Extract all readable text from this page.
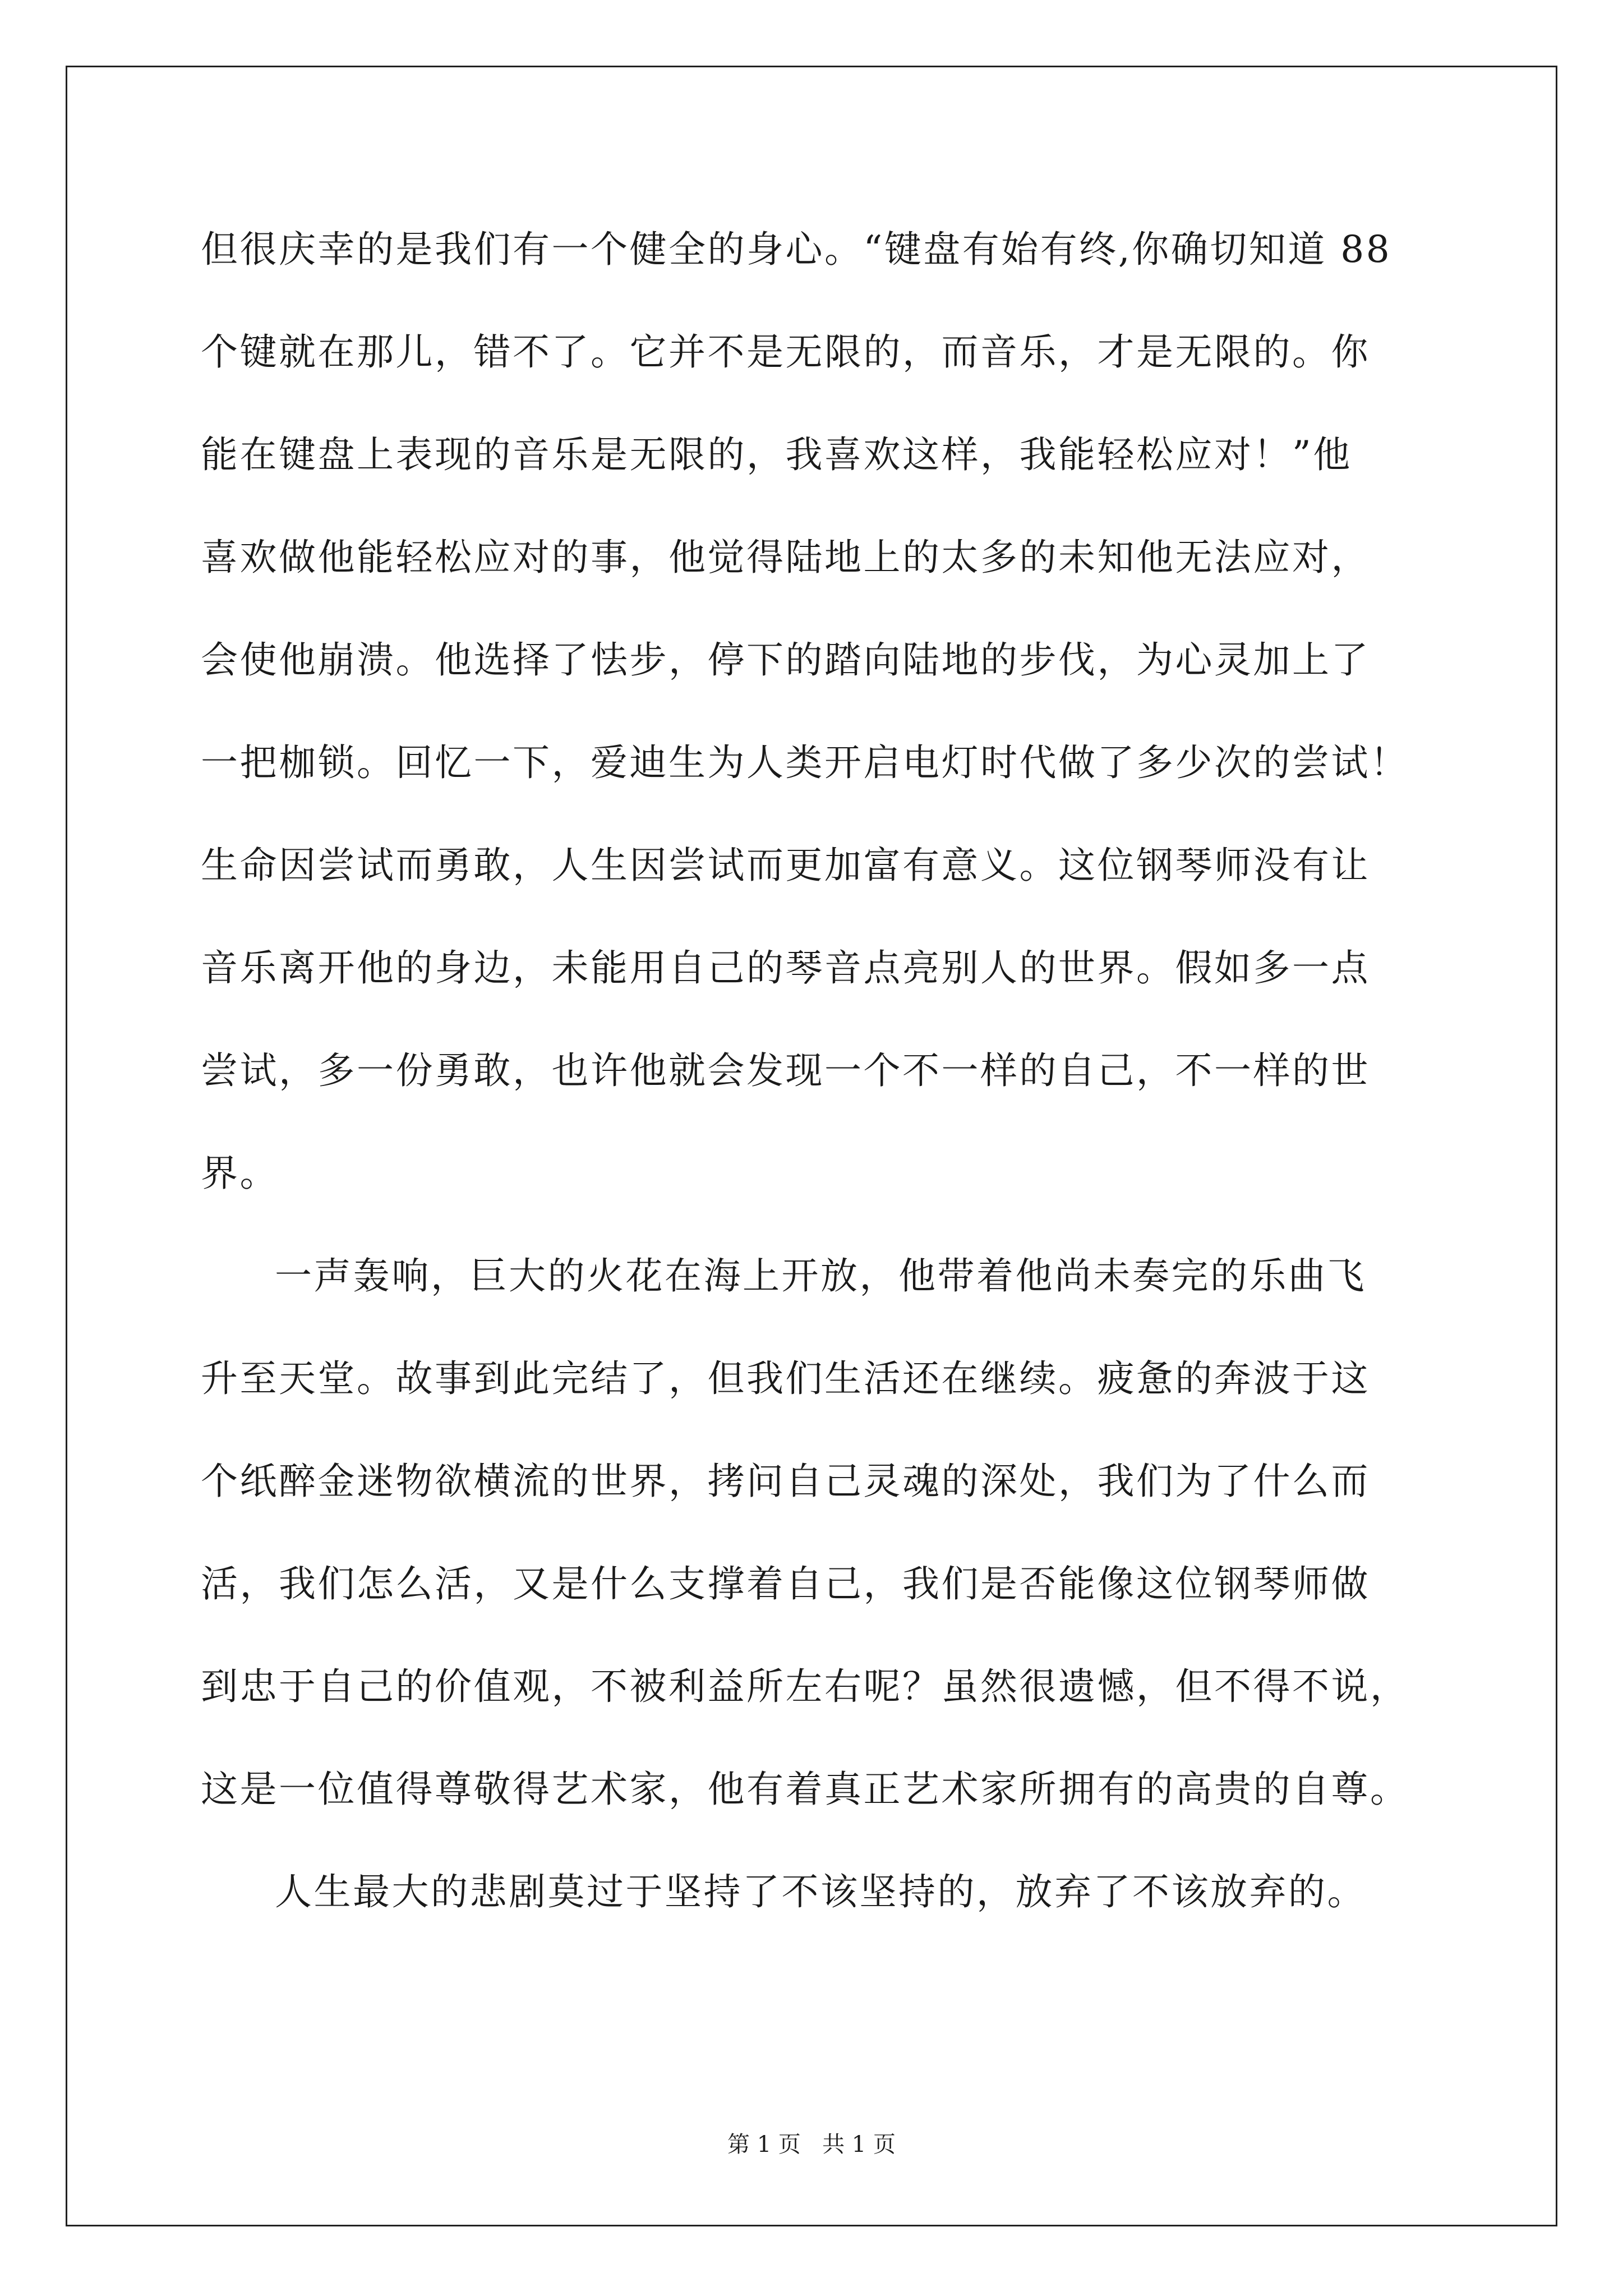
但很庆幸的是我们有一个健全的身心。“键盘有始有终,你确切知道 88
个键就在那儿，错不了。它并不是无限的，而音乐，才是无限的。你
能在键盘上表现的音乐是无限的，我喜欢这样，我能轻松应对！”他
喜欢做他能轻松应对的事，他觉得陆地上的太多的未知他无法应对，
会使他崩溃。他选择了怯步，停下的踏向陆地的步伐，为心灵加上了
一把枷锁。回忆一下，爱迪生为人类开启电灯时代做了多少次的尝试！
生命因尝试而勇敢，人生因尝试而更加富有意义。这位钢琴师没有让
音乐离开他的身边，未能用自己的琴音点亮别人的世界。假如多一点
尝试，多一份勇敢，也许他就会发现一个不一样的自己，不一样的世
界。
一声轰响，巨大的火花在海上开放，他带着他尚未奏完的乐曲飞
升至天堂。故事到此完结了，但我们生活还在继续。疲惫的奔波于这
个纸醉金迷物欲横流的世界，拷问自己灵魂的深处，我们为了什么而
活，我们怎么活，又是什么支撑着自己，我们是否能像这位钢琴师做
到忠于自己的价值观，不被利益所左右呢？虽然很遗憾，但不得不说，
这是一位值得尊敬得艺术家，他有着真正艺术家所拥有的高贵的自尊。
人生最大的悲剧莫过于坚持了不该坚持的，放弃了不该放弃的。
第 1 页   共 1 页
